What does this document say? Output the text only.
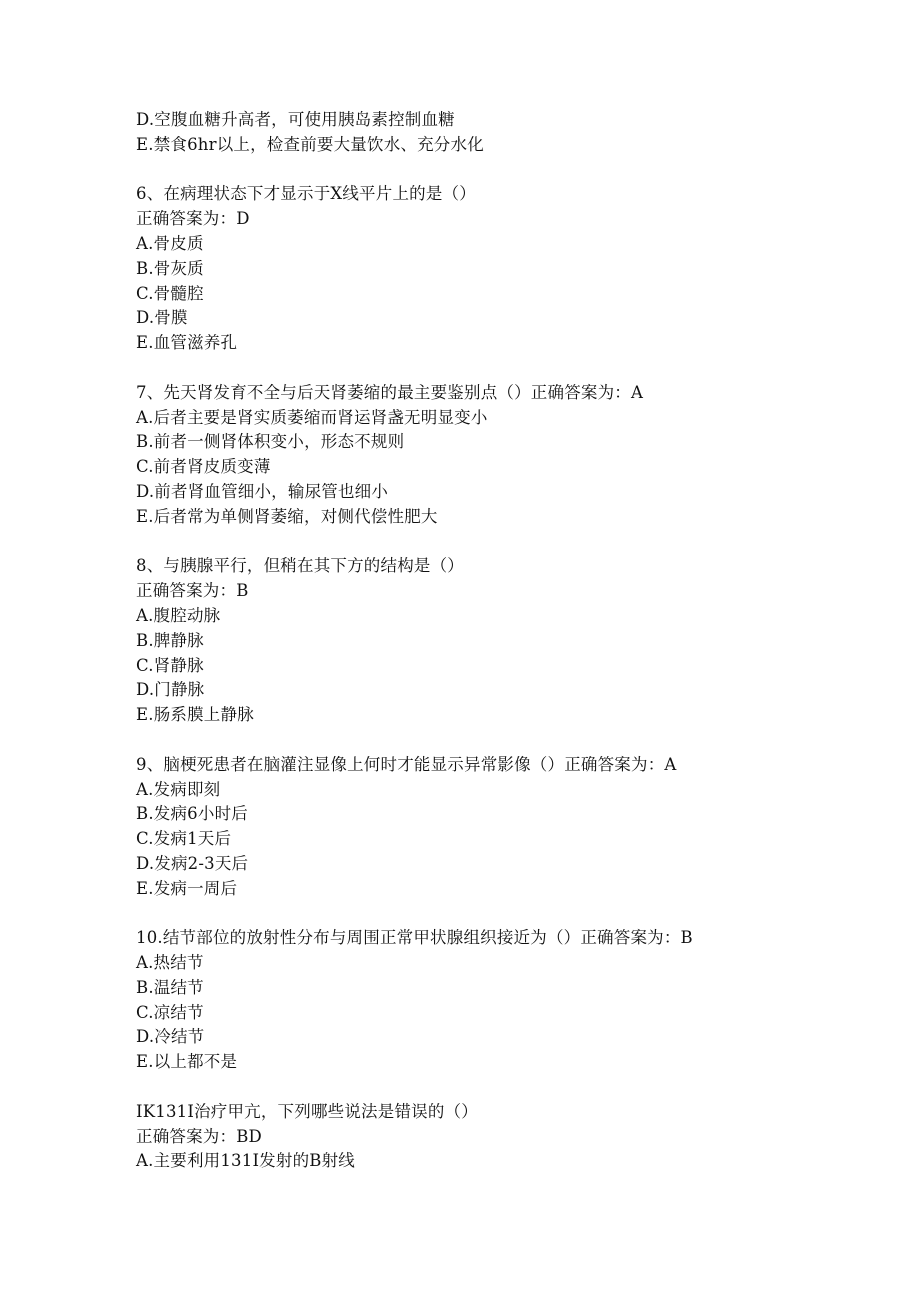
D.空腹血糖升高者，可使用胰岛素控制血糖
E.禁食6hr以上，检查前要大量饮水、充分水化
6、在病理状态下才显示于X线平片上的是（）
正确答案为：D
A.骨皮质
B.骨灰质
C.骨髓腔
D.骨膜
E.血管滋养孔
7、先天肾发育不全与后天肾萎缩的最主要鉴别点（）正确答案为：A
A.后者主要是肾实质萎缩而肾运肾盏无明显变小
B.前者一侧肾体积变小，形态不规则
C.前者肾皮质变薄
D.前者肾血管细小，输尿管也细小
E.后者常为单侧肾萎缩，对侧代偿性肥大
8、与胰腺平行，但稍在其下方的结构是（）
正确答案为：B
A.腹腔动脉
B.脾静脉
C.肾静脉
D.门静脉
E.肠系膜上静脉
9、脑梗死患者在脑灌注显像上何时才能显示异常影像（）正确答案为：A
A.发病即刻
B.发病6小时后
C.发病1天后
D.发病2-3天后
E.发病一周后
10.结节部位的放射性分布与周围正常甲状腺组织接近为（）正确答案为：B
A.热结节
B.温结节
C.凉结节
D.冷结节
E.以上都不是
IK131I治疗甲亢，下列哪些说法是错误的（）
正确答案为：BD
A.主要利用131I发射的B射线
